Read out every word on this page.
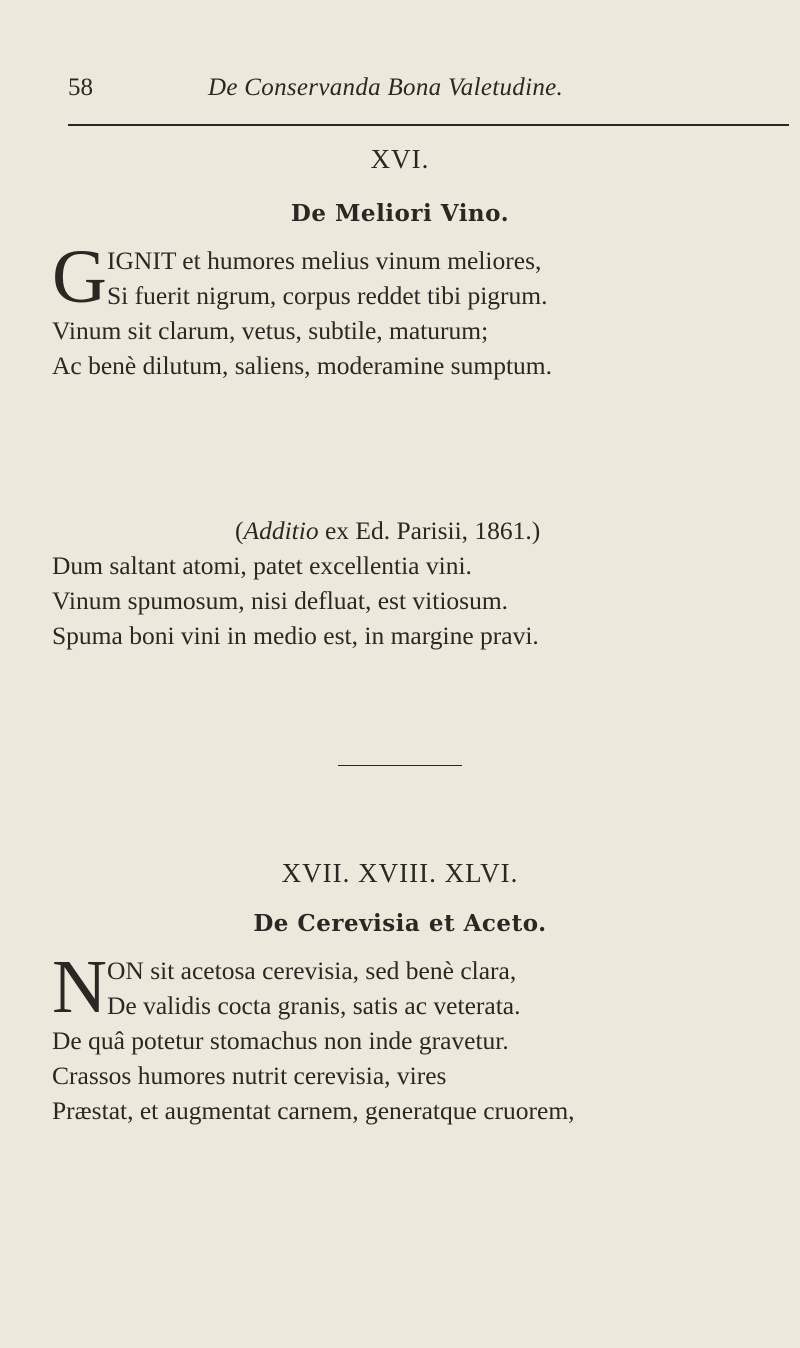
58	De Conservanda Bona Valetudine.
XVI.
De Meliori Vino.
G IGNIT et humores melius vinum meliores,
Si fuerit nigrum, corpus reddet tibi pigrum.
Vinum sit clarum, vetus, subtile, maturum;
Ac benè dilutum, saliens, moderamine sumptum.
(Additio ex Ed. Parisii, 1861.)
Dum saltant atomi, patet excellentia vini.
Vinum spumosum, nisi defluat, est vitiosum.
Spuma boni vini in medio est, in margine pravi.
XVII. XVIII. XLVI.
De Cerevisia et Aceto.
N ON sit acetosa cerevisia, sed benè clara,
De validis cocta granis, satis ac veterata.
De quâ potetur stomachus non inde gravetur.
Crassos humores nutrit cerevisia, vires
Præstat, et augmentat carnem, generatque cruorem,
